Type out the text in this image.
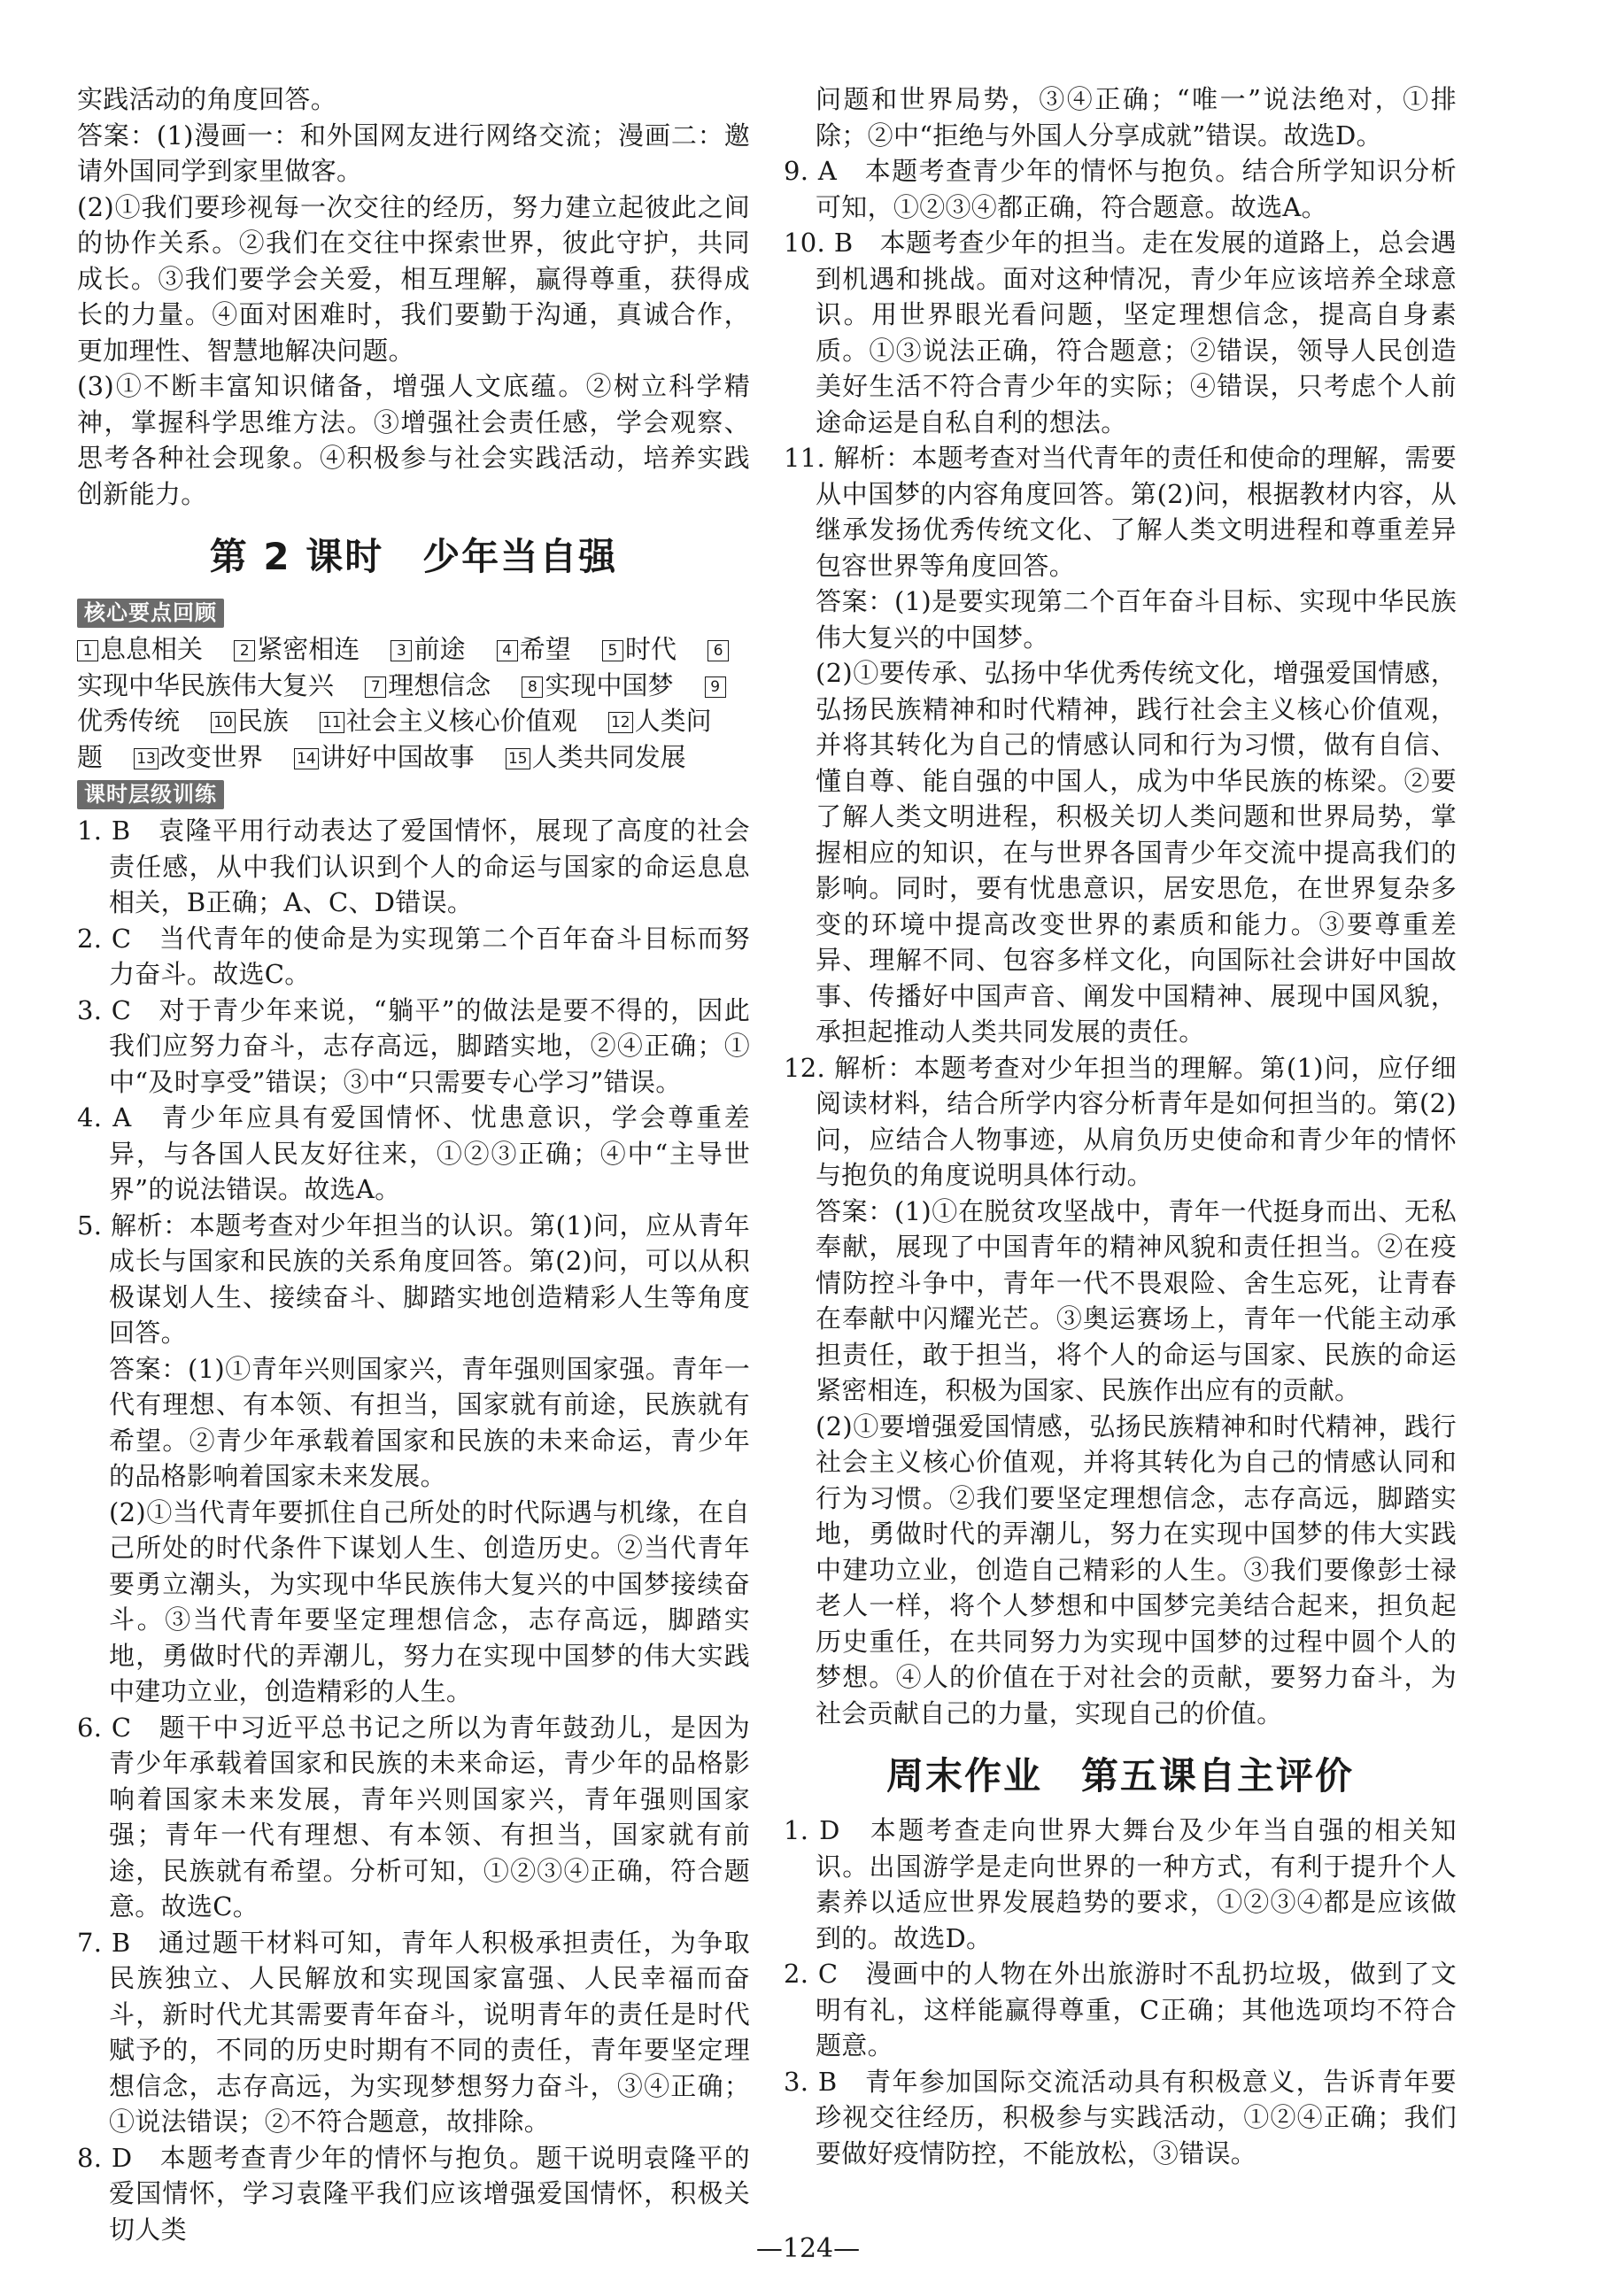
实践活动的角度回答。

答案：(1)漫画一：和外国网友进行网络交流；漫画二：邀请外国同学到家里做客。

(2)①我们要珍视每一次交往的经历，努力建立起彼此之间的协作关系。②我们在交往中探索世界，彼此守护，共同成长。③我们要学会关爱，相互理解，赢得尊重，获得成长的力量。④面对困难时，我们要勤于沟通，真诚合作，更加理性、智慧地解决问题。

(3)①不断丰富知识储备，增强人文底蕴。②树立科学精神，掌握科学思维方法。③增强社会责任感，学会观察、思考各种社会现象。④积极参与社会实践活动，培养实践创新能力。

第 2 课时　少年当自强
核心要点回顾
1 息息相关 2 紧密相连 3 前途 4 希望 5 时代 6实现中华民族伟大复兴 7 理想信念 8 实现中国梦 9优秀传统 10 民族 11 社会主义核心价值观 12 人类问题 13 改变世界 14 讲好中国故事 15 人类共同发展
课时层级训练

1. B　袁隆平用行动表达了爱国情怀，展现了高度的社会责任感，从中我们认识到个人的命运与国家的命运息息相关，B正确；A、C、D错误。

2. C　当代青年的使命是为实现第二个百年奋斗目标而努力奋斗。故选C。

3. C　对于青少年来说，“躺平”的做法是要不得的，因此我们应努力奋斗，志存高远，脚踏实地，②④正确；①中“及时享受”错误；③中“只需要专心学习”错误。

4. A　青少年应具有爱国情怀、忧患意识，学会尊重差异，与各国人民友好往来，①②③正确；④中“主导世界”的说法错误。故选A。

5. 解析：本题考查对少年担当的认识。第(1)问，应从青年成长与国家和民族的关系角度回答。第(2)问，可以从积极谋划人生、接续奋斗、脚踏实地创造精彩人生等角度回答。

答案：(1)①青年兴则国家兴，青年强则国家强。青年一代有理想、有本领、有担当，国家就有前途，民族就有希望。②青少年承载着国家和民族的未来命运，青少年的品格影响着国家未来发展。

(2)①当代青年要抓住自己所处的时代际遇与机缘，在自己所处的时代条件下谋划人生、创造历史。②当代青年要勇立潮头，为实现中华民族伟大复兴的中国梦接续奋斗。③当代青年要坚定理想信念，志存高远，脚踏实地，勇做时代的弄潮儿，努力在实现中国梦的伟大实践中建功立业，创造精彩的人生。

6. C　题干中习近平总书记之所以为青年鼓劲儿，是因为青少年承载着国家和民族的未来命运，青少年的品格影响着国家未来发展，青年兴则国家兴，青年强则国家强；青年一代有理想、有本领、有担当，国家就有前途，民族就有希望。分析可知，①②③④正确，符合题意。故选C。

7. B　通过题干材料可知，青年人积极承担责任，为争取民族独立、人民解放和实现国家富强、人民幸福而奋斗，新时代尤其需要青年奋斗，说明青年的责任是时代赋予的，不同的历史时期有不同的责任，青年要坚定理想信念，志存高远，为实现梦想努力奋斗，③④正确；①说法错误；②不符合题意，故排除。

8. D　本题考查青少年的情怀与抱负。题干说明袁隆平的爱国情怀，学习袁隆平我们应该增强爱国情怀，积极关切人类

问题和世界局势，③④正确；“唯一”说法绝对，①排除；②中“拒绝与外国人分享成就”错误。故选D。

9. A　本题考查青少年的情怀与抱负。结合所学知识分析可知，①②③④都正确，符合题意。故选A。

10. B　本题考查少年的担当。走在发展的道路上，总会遇到机遇和挑战。面对这种情况，青少年应该培养全球意识。用世界眼光看问题，坚定理想信念，提高自身素质。①③说法正确，符合题意；②错误，领导人民创造美好生活不符合青少年的实际；④错误，只考虑个人前途命运是自私自利的想法。

11. 解析：本题考查对当代青年的责任和使命的理解，需要从中国梦的内容角度回答。第(2)问，根据教材内容，从继承发扬优秀传统文化、了解人类文明进程和尊重差异包容世界等角度回答。

答案：(1)是要实现第二个百年奋斗目标、实现中华民族伟大复兴的中国梦。

(2)①要传承、弘扬中华优秀传统文化，增强爱国情感，弘扬民族精神和时代精神，践行社会主义核心价值观，并将其转化为自己的情感认同和行为习惯，做有自信、懂自尊、能自强的中国人，成为中华民族的栋梁。②要了解人类文明进程，积极关切人类问题和世界局势，掌握相应的知识，在与世界各国青少年交流中提高我们的影响。同时，要有忧患意识，居安思危，在世界复杂多变的环境中提高改变世界的素质和能力。③要尊重差异、理解不同、包容多样文化，向国际社会讲好中国故事、传播好中国声音、阐发中国精神、展现中国风貌，承担起推动人类共同发展的责任。

12. 解析：本题考查对少年担当的理解。第(1)问，应仔细阅读材料，结合所学内容分析青年是如何担当的。第(2)问，应结合人物事迹，从肩负历史使命和青少年的情怀与抱负的角度说明具体行动。

答案：(1)①在脱贫攻坚战中，青年一代挺身而出、无私奉献，展现了中国青年的精神风貌和责任担当。②在疫情防控斗争中，青年一代不畏艰险、舍生忘死，让青春在奉献中闪耀光芒。③奥运赛场上，青年一代能主动承担责任，敢于担当，将个人的命运与国家、民族的命运紧密相连，积极为国家、民族作出应有的贡献。

(2)①要增强爱国情感，弘扬民族精神和时代精神，践行社会主义核心价值观，并将其转化为自己的情感认同和行为习惯。②我们要坚定理想信念，志存高远，脚踏实地，勇做时代的弄潮儿，努力在实现中国梦的伟大实践中建功立业，创造自己精彩的人生。③我们要像彭士禄老人一样，将个人梦想和中国梦完美结合起来，担负起历史重任，在共同努力为实现中国梦的过程中圆个人的梦想。④人的价值在于对社会的贡献，要努力奋斗，为社会贡献自己的力量，实现自己的价值。

周末作业　第五课自主评价

1. D　本题考查走向世界大舞台及少年当自强的相关知识。出国游学是走向世界的一种方式，有利于提升个人素养以适应世界发展趋势的要求，①②③④都是应该做到的。故选D。

2. C　漫画中的人物在外出旅游时不乱扔垃圾，做到了文明有礼，这样能赢得尊重，C正确；其他选项均不符合题意。

3. B　青年参加国际交流活动具有积极意义，告诉青年要珍视交往经历，积极参与实践活动，①②④正确；我们要做好疫情防控，不能放松，③错误。

—124—
